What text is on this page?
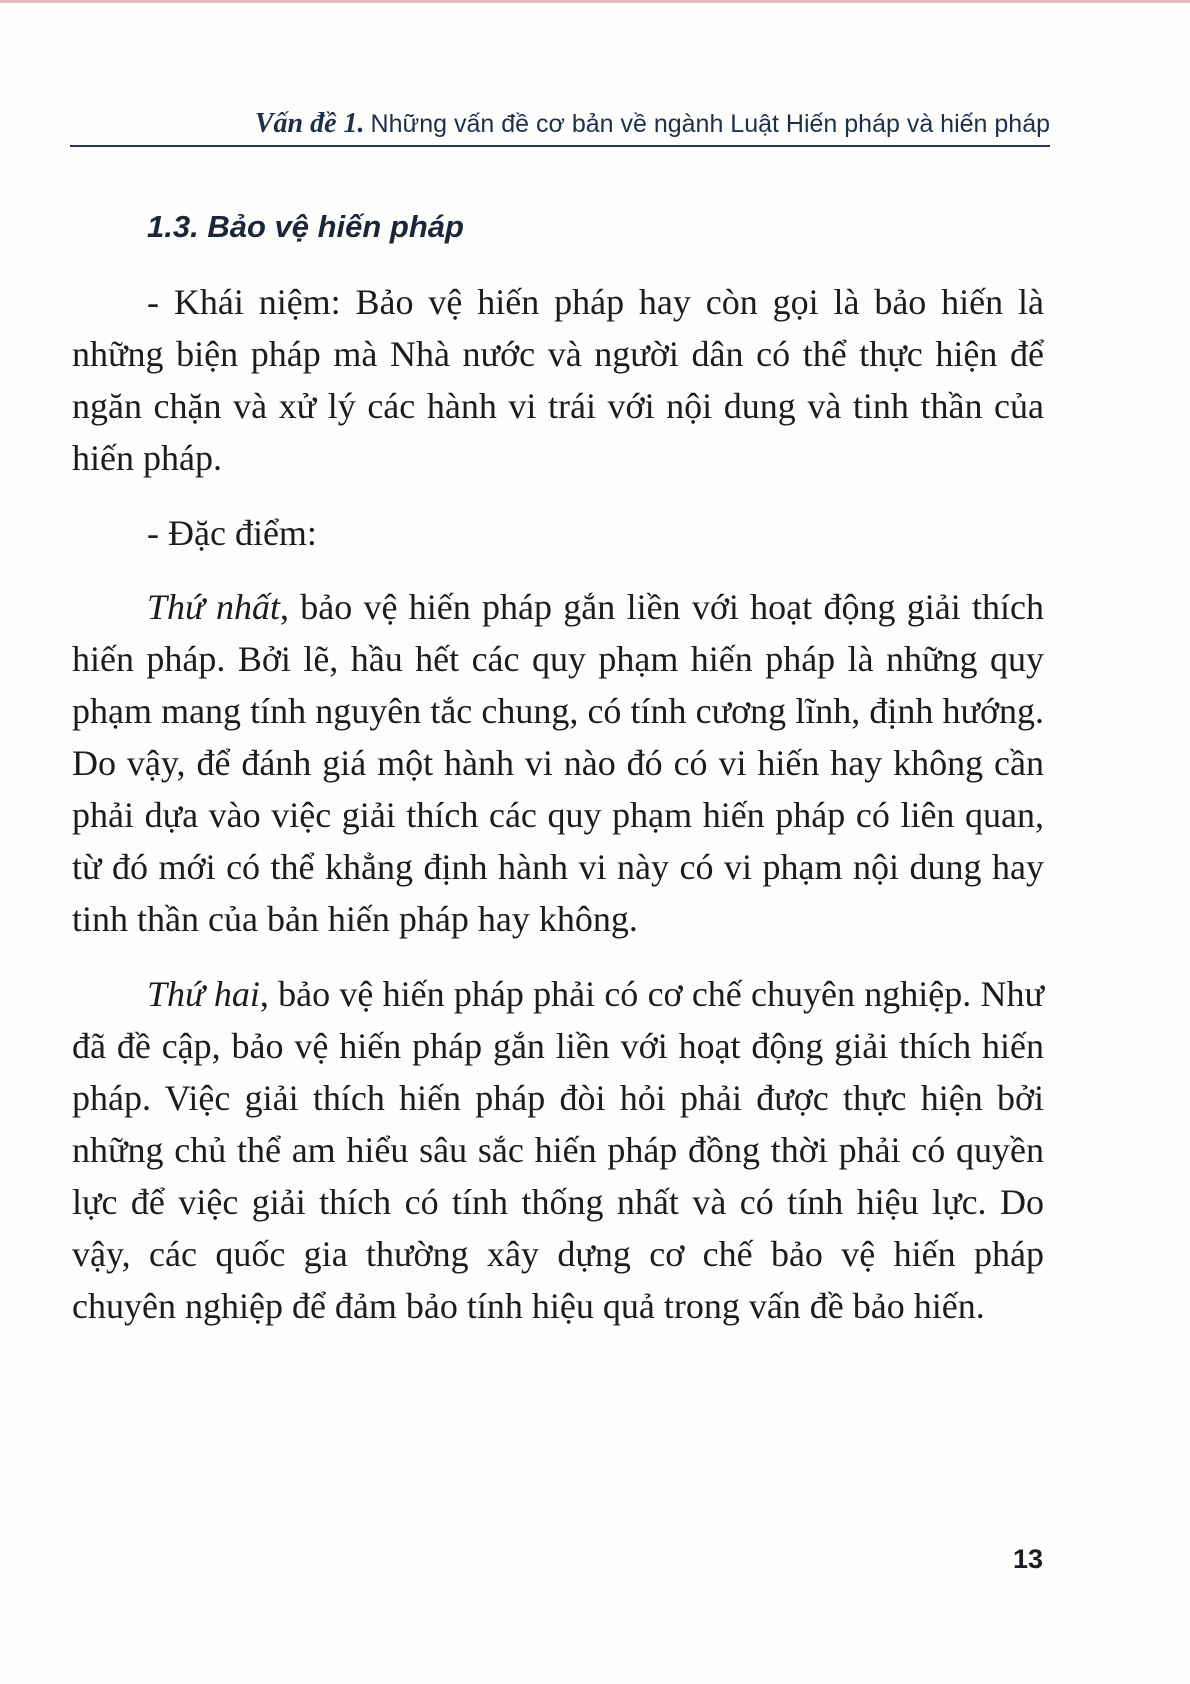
Vấn đề 1. Những vấn đề cơ bản về ngành Luật Hiến pháp và hiến pháp
1.3. Bảo vệ hiến pháp

- Khái niệm: Bảo vệ hiến pháp hay còn gọi là bảo hiến là những biện pháp mà Nhà nước và người dân có thể thực hiện để ngăn chặn và xử lý các hành vi trái với nội dung và tinh thần của hiến pháp.

- Đặc điểm:

Thứ nhất, bảo vệ hiến pháp gắn liền với hoạt động giải thích hiến pháp. Bởi lẽ, hầu hết các quy phạm hiến pháp là những quy phạm mang tính nguyên tắc chung, có tính cương lĩnh, định hướng. Do vậy, để đánh giá một hành vi nào đó có vi hiến hay không cần phải dựa vào việc giải thích các quy phạm hiến pháp có liên quan, từ đó mới có thể khẳng định hành vi này có vi phạm nội dung hay tinh thần của bản hiến pháp hay không.

Thứ hai, bảo vệ hiến pháp phải có cơ chế chuyên nghiệp. Như đã đề cập, bảo vệ hiến pháp gắn liền với hoạt động giải thích hiến pháp. Việc giải thích hiến pháp đòi hỏi phải được thực hiện bởi những chủ thể am hiểu sâu sắc hiến pháp đồng thời phải có quyền lực để việc giải thích có tính thống nhất và có tính hiệu lực. Do vậy, các quốc gia thường xây dựng cơ chế bảo vệ hiến pháp chuyên nghiệp để đảm bảo tính hiệu quả trong vấn đề bảo hiến.

13
